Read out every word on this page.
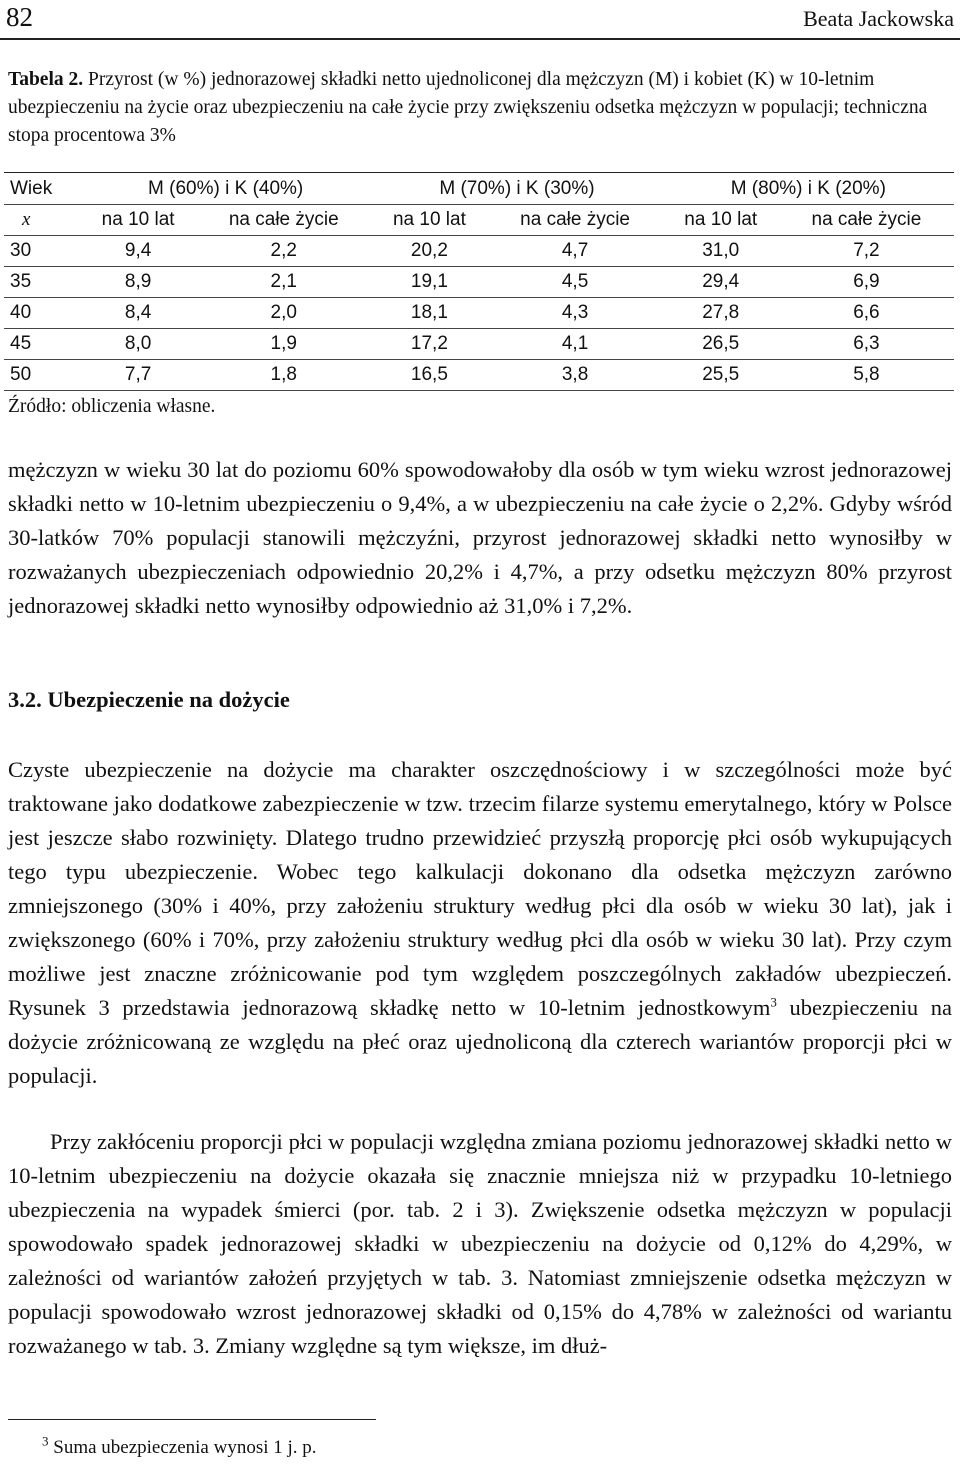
82	Beata Jackowska

Tabela 2. Przyrost (w %) jednorazowej składki netto ujednoliconej dla mężczyzn (M) i kobiet (K) w 10-letnim ubezpieczeniu na życie oraz ubezpieczeniu na całe życie przy zwiększeniu odsetka mężczyzn w populacji; techniczna stopa procentowa 3%

Wiek	M (60%) i K (40%)		M (70%) i K (30%)		M (80%) i K (20%)	
x	na 10 lat	na całe życie	na 10 lat	na całe życie	na 10 lat	na całe życie
30	9,4	2,2	20,2	4,7	31,0	7,2
35	8,9	2,1	19,1	4,5	29,4	6,9
40	8,4	2,0	18,1	4,3	27,8	6,6
45	8,0	1,9	17,2	4,1	26,5	6,3
50	7,7	1,8	16,5	3,8	25,5	5,8
Źródło: obliczenia własne.

mężczyzn w wieku 30 lat do poziomu 60% spowodowałoby dla osób w tym wieku wzrost jednorazowej składki netto w 10-letnim ubezpieczeniu o 9,4%, a w ubezpieczeniu na całe życie o 2,2%. Gdyby wśród 30-latków 70% populacji stanowili mężczyźni, przyrost jednorazowej składki netto wynosiłby w rozważanych ubezpieczeniach odpowiednio 20,2% i 4,7%, a przy odsetku mężczyzn 80% przyrost jednorazowej składki netto wynosiłby odpowiednio aż 31,0% i 7,2%.

3.2. Ubezpieczenie na dożycie

Czyste ubezpieczenie na dożycie ma charakter oszczędnościowy i w szczególności może być traktowane jako dodatkowe zabezpieczenie w tzw. trzecim filarze systemu emerytalnego, który w Polsce jest jeszcze słabo rozwinięty. Dlatego trudno przewidzieć przyszłą proporcję płci osób wykupujących tego typu ubezpieczenie. Wobec tego kalkulacji dokonano dla odsetka mężczyzn zarówno zmniejszonego (30% i 40%, przy założeniu struktury według płci dla osób w wieku 30 lat), jak i zwiększonego (60% i 70%, przy założeniu struktury według płci dla osób w wieku 30 lat). Przy czym możliwe jest znaczne zróżnicowanie pod tym względem poszczególnych zakładów ubezpieczeń. Rysunek 3 przedstawia jednorazową składkę netto w 10-letnim jednostkowym$^3$ ubezpieczeniu na dożycie zróżnicowaną ze względu na płeć oraz ujednoliconą dla czterech wariantów proporcji płci w populacji.

Przy zakłóceniu proporcji płci w populacji względna zmiana poziomu jednorazowej składki netto w 10-letnim ubezpieczeniu na dożycie okazała się znacznie mniejsza niż w przypadku 10-letniego ubezpieczenia na wypadek śmierci (por. tab. 2 i 3). Zwiększenie odsetka mężczyzn w populacji spowodowało spadek jednorazowej składki w ubezpieczeniu na dożycie od 0,12% do 4,29%, w zależności od wariantów założeń przyjętych w tab. 3. Natomiast zmniejszenie odsetka mężczyzn w populacji spowodowało wzrost jednorazowej składki od 0,15% do 4,78% w zależności od wariantu rozważanego w tab. 3. Zmiany względne są tym większe, im dłuż-

$^3$ Suma ubezpieczenia wynosi 1 j. p.
